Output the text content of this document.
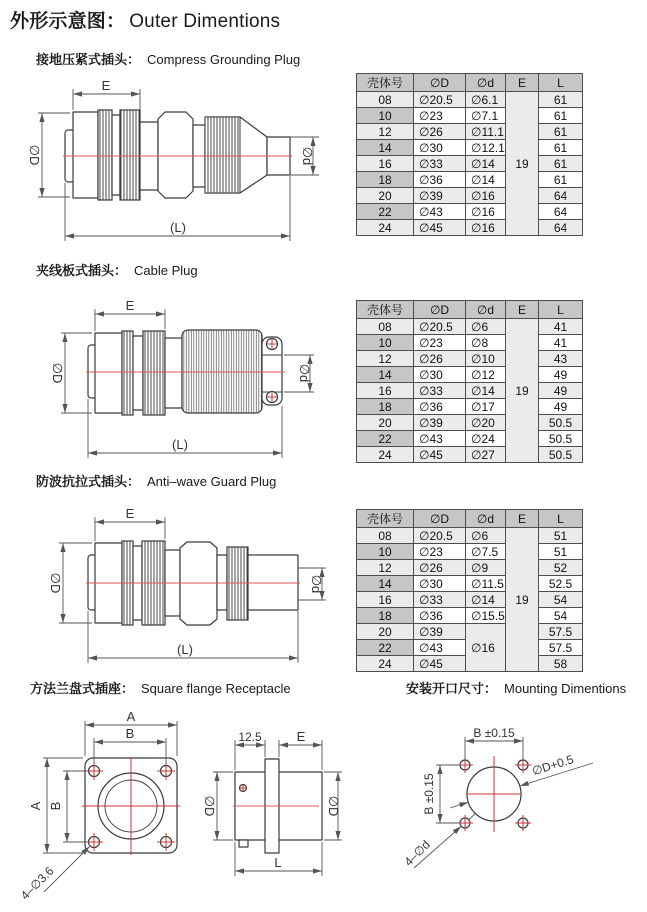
外形示意图： Outer Dimentions
接地压紧式插头： Compress Grounding Plug
夹线板式插头： Cable Plug
防波抗拉式插头： Anti–wave Guard Plug
方法兰盘式插座： Square flange Receptacle	安装开口尺寸： Mounting Dimentions
壳体号	∅D	∅d	E	L
08	∅20.5	∅6.1	19	61
10	∅23	∅7.1		61
12	∅26	∅11.1		61
14	∅30	∅12.1		61
16	∅33	∅14		61
18	∅36	∅14		61
20	∅39	∅16		64
22	∅43	∅16		64
24	∅45	∅16		64
壳体号	∅D	∅d	E	L
08	∅20.5	∅6	19	41
10	∅23	∅8		41
12	∅26	∅10		43
14	∅30	∅12		49
16	∅33	∅14		49
18	∅36	∅17		49
20	∅39	∅20		50.5
22	∅43	∅24		50.5
24	∅45	∅27		50.5
壳体号	∅D	∅d	E	L
08	∅20.5	∅6	19	51
10	∅23	∅7.5		51
12	∅26	∅9		52
14	∅30	∅11.5		52.5
16	∅33	∅14		54
18	∅36	∅15.5		54
20	∅39	∅16		57.5
22	∅43			57.5
24	∅45			58
E
∅D	∅d
(L)
E
∅D	∅d
(L)
E
∅D	∅d
(L)
A
B
A B
4–∅3.6
12.5	E
∅D	∅D
L
B ±0.15
B ±0.15
∅D+0.5
4–∅d
